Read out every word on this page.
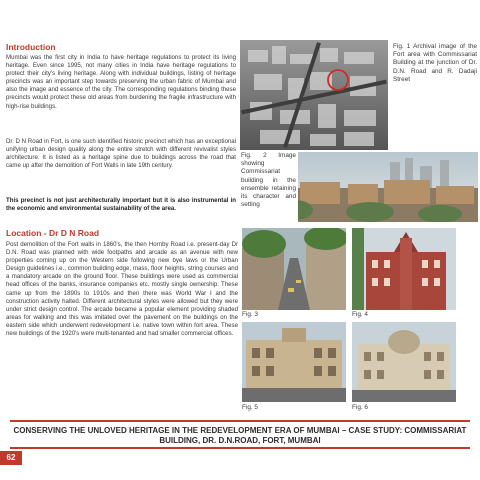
Introduction
Mumbai was the first city in India to have heritage regulations to protect its living heritage. Even since 1995, not many cities in India have heritage regulations to protect their city's living heritage. Along with individual buildings, listing of heritage precincts was an important step towards preserving the urban fabric of Mumbai and also the image and essence of the city. The corresponding regulations binding these precincts would protect these old areas from burdening the fragile infrastructure with high-rise buildings.
Dr. D N Road in Fort, is one such identified historic precinct which has an exceptional unifying urban design quality along the entire stretch with different revivalist styles architecture. It is listed as a heritage spine due to buildings across the road that came up after the demolition of Fort Walls in late 19th century.
This precinct is not just architecturally important but it is also instrumental in the economic and environmental sustainability of the area.
Fig. 1 Archival image of the Fort area with Commissariat Building at the junction of Dr. D.N. Road and R. Dadaji Street
Fig. 2 Image showing Commissariat building in the ensemble retaining its character and setting
Location - Dr D N Road
Post demolition of the Fort walls in 1860's, the then Hornby Road i.e. present-day Dr D.N. Road was planned with wide footpaths and arcade as an avenue with new properties coming up on the Western side following new bye laws or the Urban Design guidelines i.e., common building edge, mass, floor heights, string courses and a mandatory arcade on the ground floor. These buildings were used as commercial head offices of the banks, insurance companies etc. mostly single ownership. These came up from the 1890s to 1910s and then there was World War I and the construction activity halted. Different architectural styles were allowed but they were under strict design control. The arcade became a popular element providing shaded areas for walking and this was imitated over the pavement on the buildings on the eastern side which underwent redevelopment i.e. native town within fort area. These new buildings of the 1920's were multi-tenanted and had smaller commercial offices.
Fig. 3	Fig. 4
Fig. 5	Fig. 6
CONSERVING THE UNLOVED HERITAGE IN THE REDEVELOPMENT ERA OF MUMBAI – CASE STUDY: COMMISSARIAT BUILDING, DR. D.N.ROAD, FORT, MUMBAI
62
